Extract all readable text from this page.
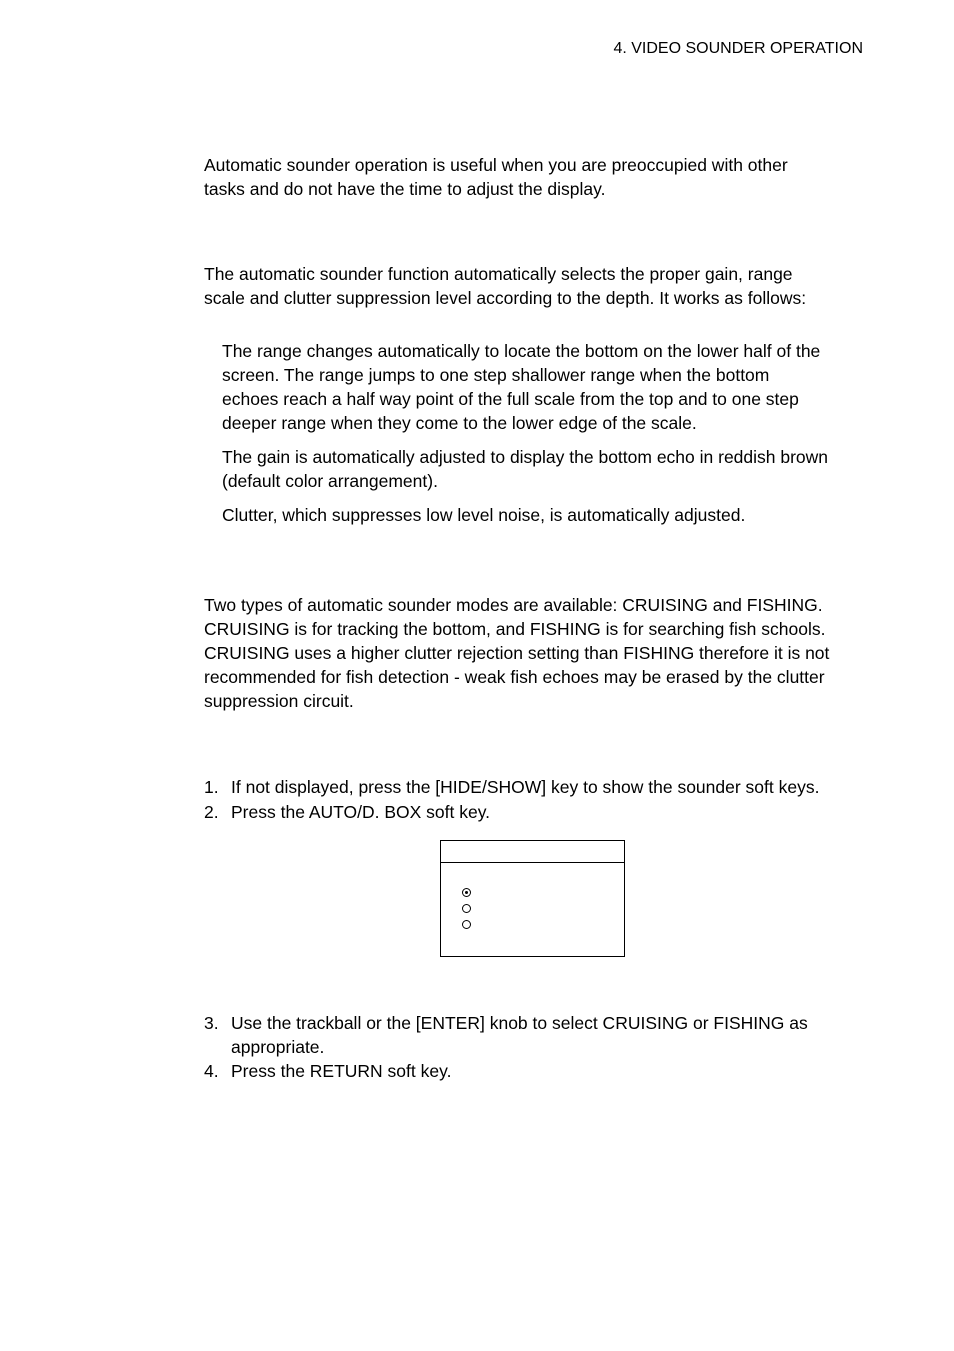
4. VIDEO SOUNDER OPERATION

Automatic sounder operation is useful when you are preoccupied with other
tasks and do not have the time to adjust the display.

The automatic sounder function automatically selects the proper gain, range
scale and clutter suppression level according to the depth. It works as follows:

The range changes automatically to locate the bottom on the lower half of the
screen. The range jumps to one step shallower range when the bottom
echoes reach a half way point of the full scale from the top and to one step
deeper range when they come to the lower edge of the scale.

The gain is automatically adjusted to display the bottom echo in reddish brown
(default color arrangement).

Clutter, which suppresses low level noise, is automatically adjusted.

Two types of automatic sounder modes are available: CRUISING and FISHING.
CRUISING is for tracking the bottom, and FISHING is for searching fish schools.
CRUISING uses a higher clutter rejection setting than FISHING therefore it is not
recommended for fish detection - weak fish echoes may be erased by the clutter
suppression circuit.

1. If not displayed, press the [HIDE/SHOW] key to show the sounder soft keys.
2. Press the AUTO/D. BOX soft key.
3. Use the trackball or the [ENTER] knob to select CRUISING or FISHING as
appropriate.
4. Press the RETURN soft key.
